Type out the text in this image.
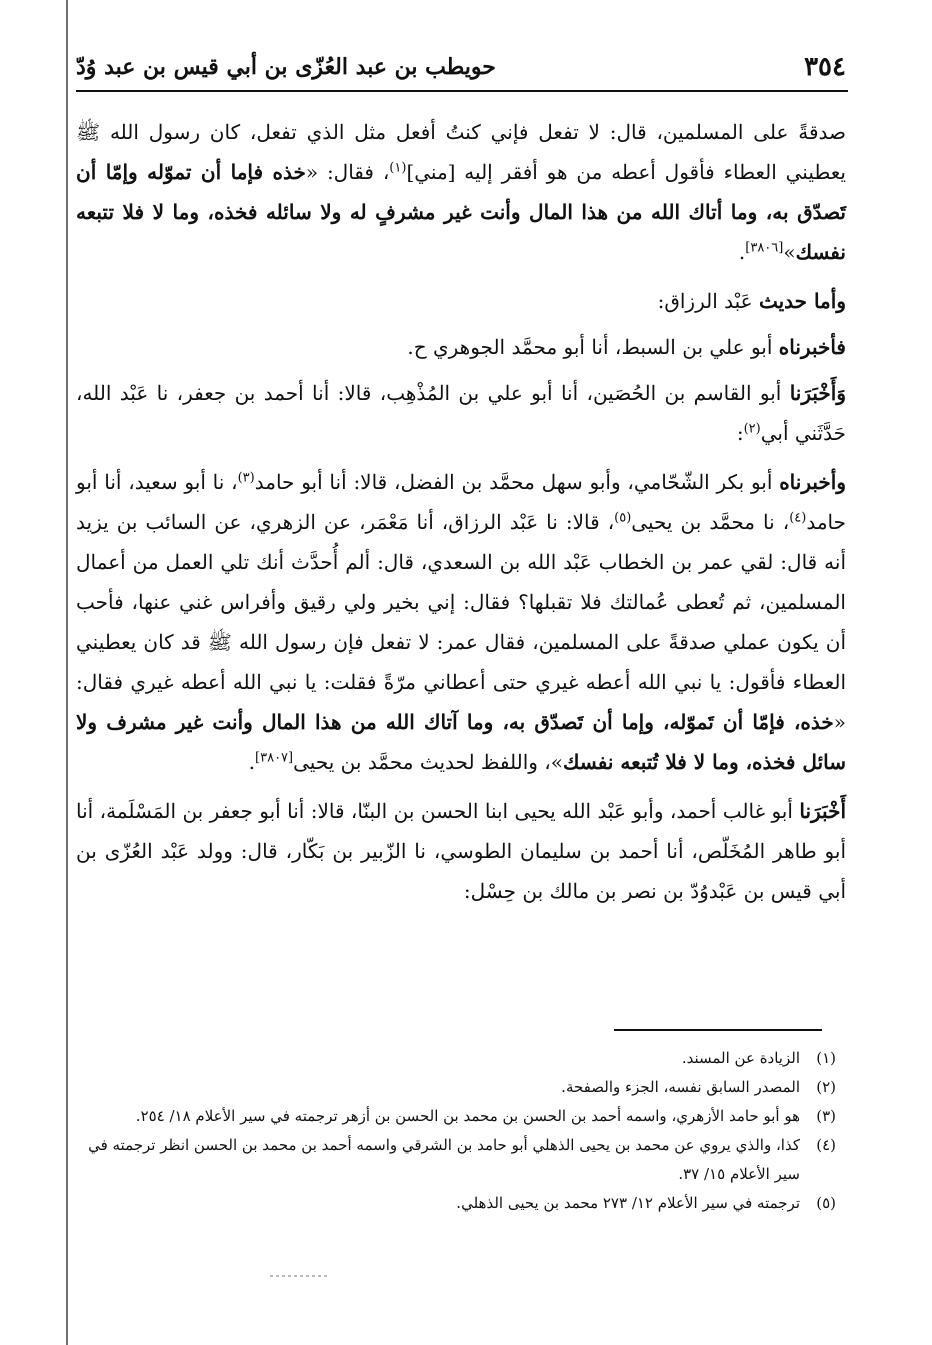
٣٥٤
حويطب بن عبد العُزّى بن أبي قيس بن عبد وُدّ

صدقةً على المسلمين، قال: لا تفعل فإني كنتُ أفعل مثل الذي تفعل، كان رسول الله ﷺ يعطيني العطاء فأقول أعطه من هو أفقر إليه [مني]$^{(١)}$، فقال: «خذه فإما أن تموّله وإمّا أن تَصدّق به، وما أتاك الله من هذا المال وأنت غير مشرفٍ له ولا سائله فخذه، وما لا فلا تتبعه نفسك»[٣٨٠٦].

وأما حديث عَبْد الرزاق:

فأخبرناه أبو علي بن السبط، أنا أبو محمَّد الجوهري ح.

وَأَخْبَرَنا أبو القاسم بن الحُصَين، أنا أبو علي بن المُذْهِب، قالا: أنا أحمد بن جعفر، نا عَبْد الله، حَدَّثَني أبي$^{(٢)}$:

وأخبرناه أبو بكر الشّحّامي، وأبو سهل محمَّد بن الفضل، قالا: أنا أبو حامد$^{(٣)}$، نا أبو سعيد، أنا أبو حامد$^{(٤)}$، نا محمَّد بن يحيى$^{(٥)}$، قالا: نا عَبْد الرزاق، أنا مَعْمَر، عن الزهري، عن السائب بن يزيد أنه قال: لقي عمر بن الخطاب عَبْد الله بن السعدي، قال: ألم أُحدَّث أنك تلي العمل من أعمال المسلمين، ثم تُعطى عُمالتك فلا تقبلها؟ فقال: إني بخير ولي رقيق وأفراس غني عنها، فأحب أن يكون عملي صدقةً على المسلمين، فقال عمر: لا تفعل فإن رسول الله ﷺ قد كان يعطيني العطاء فأقول: يا نبي الله أعطه غيري حتى أعطاني مرّةً فقلت: يا نبي الله أعطه غيري فقال: «خذه، فإمّا أن تَموّله، وإما أن تَصدّق به، وما آتاك الله من هذا المال وأنت غير مشرف ولا سائل فخذه، وما لا فلا تُتبعه نفسك»، واللفظ لحديث محمَّد بن يحيى[٣٨٠٧].

أَخْبَرَنا أبو غالب أحمد، وأبو عَبْد الله يحيى ابنا الحسن بن البنّا، قالا: أنا أبو جعفر بن المَسْلَمة، أنا أبو طاهر المُخَلّص، أنا أحمد بن سليمان الطوسي، نا الزّبير بن بَكّار، قال: وولد عَبْد العُزّى بن أبي قيس بن عَبْدوُدّ بن نصر بن مالك بن حِسْل:

(١)
الزيادة عن المسند.
(٢)
المصدر السابق نفسه، الجزء والصفحة.
(٣)
هو أبو حامد الأزهري، واسمه أحمد بن الحسن بن محمد بن الحسن بن أزهر ترجمته في سير الأعلام ١٨/ ٢٥٤.
(٤)
كذا، والذي يروي عن محمد بن يحيى الذهلي أبو حامد بن الشرقي واسمه أحمد بن محمد بن الحسن انظر ترجمته في سير الأعلام ١٥/ ٣٧.
(٥)
ترجمته في سير الأعلام ١٢/ ٢٧٣ محمد بن يحيى الذهلي.
